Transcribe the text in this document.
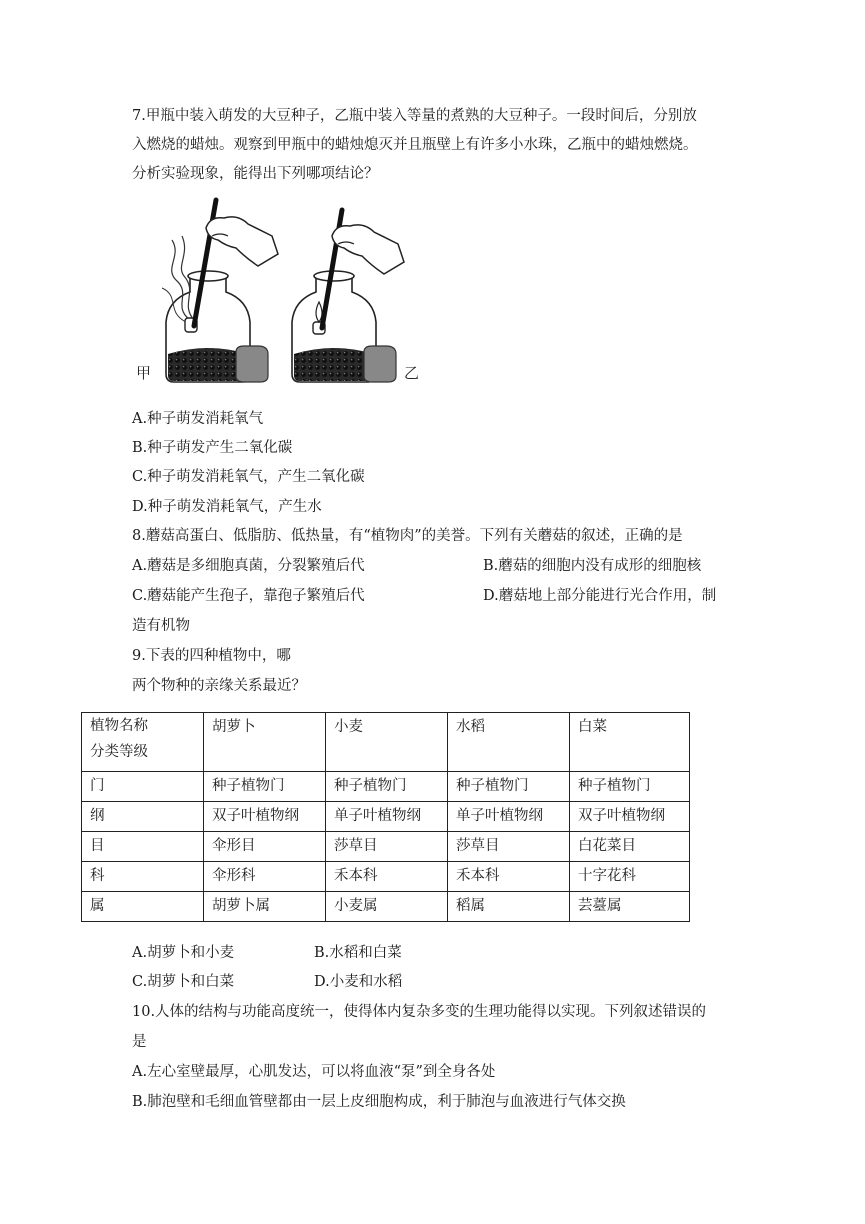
7.甲瓶中装入萌发的大豆种子，乙瓶中装入等量的煮熟的大豆种子。一段时间后，分别放
入燃烧的蜡烛。观察到甲瓶中的蜡烛熄灭并且瓶壁上有许多小水珠，乙瓶中的蜡烛燃烧。
分析实验现象，能得出下列哪项结论？
甲	乙
A.种子萌发消耗氧气
B.种子萌发产生二氧化碳
C.种子萌发消耗氧气，产生二氧化碳
D.种子萌发消耗氧气，产生水
8.蘑菇高蛋白、低脂肪、低热量，有“植物肉”的美誉。下列有关蘑菇的叙述，正确的是
A.蘑菇是多细胞真菌，分裂繁殖后代	B.蘑菇的细胞内没有成形的细胞核
C.蘑菇能产生孢子，靠孢子繁殖后代	D.蘑菇地上部分能进行光合作用，制
造有机物
9.下表的四种植物中，哪
两个物种的亲缘关系最近？
植物名称
分类等级	胡萝卜	小麦	水稻	白菜
门	种子植物门	种子植物门	种子植物门	种子植物门
纲	双子叶植物纲	单子叶植物纲	单子叶植物纲	双子叶植物纲
目	伞形目	莎草目	莎草目	白花菜目
科	伞形科	禾本科	禾本科	十字花科
属	胡萝卜属	小麦属	稻属	芸薹属
A.胡萝卜和小麦	B.水稻和白菜
C.胡萝卜和白菜	D.小麦和水稻
10.人体的结构与功能高度统一，使得体内复杂多变的生理功能得以实现。下列叙述错误的
是
A.左心室壁最厚，心肌发达，可以将血液“泵”到全身各处
B.肺泡壁和毛细血管壁都由一层上皮细胞构成，利于肺泡与血液进行气体交换
